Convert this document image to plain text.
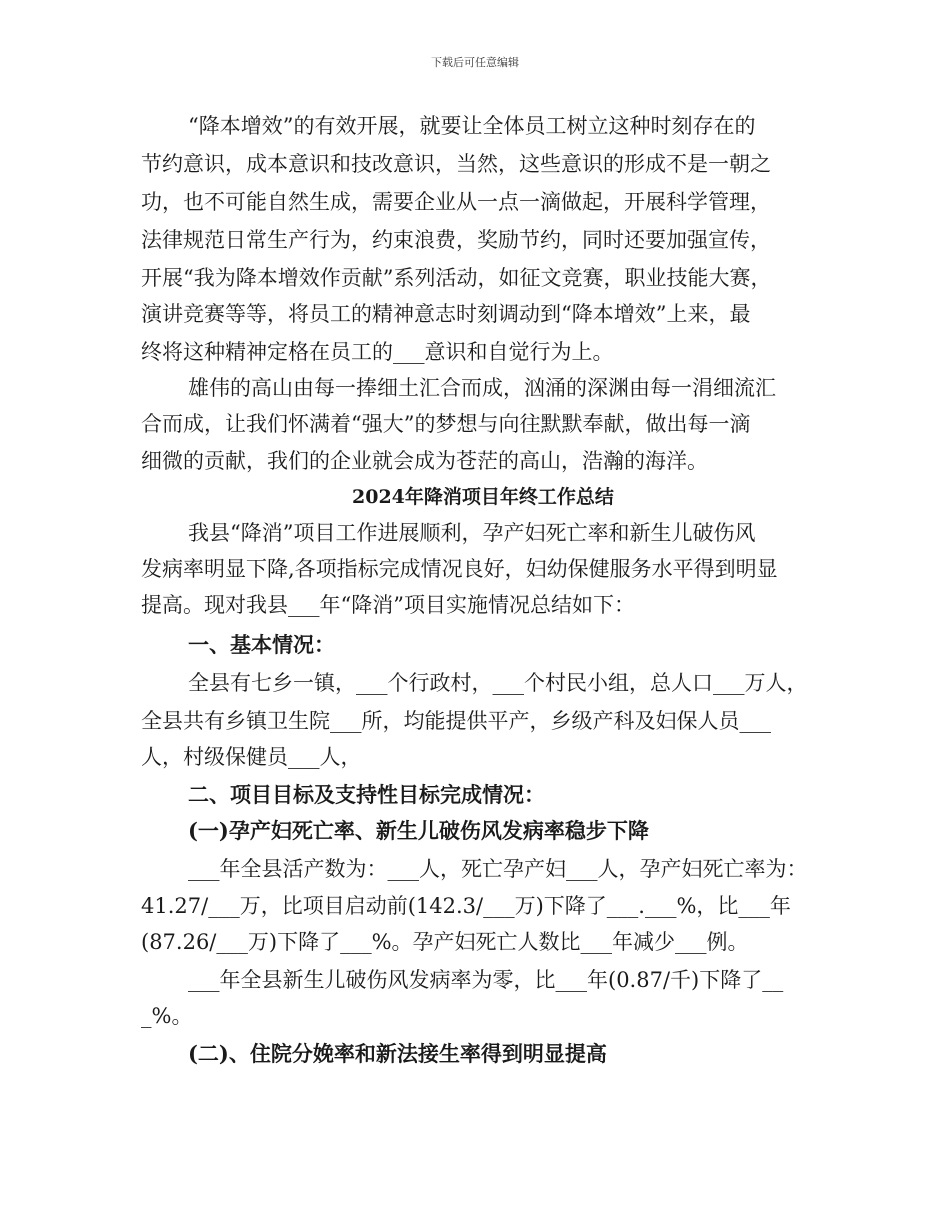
下载后可任意编辑

“降本增效”的有效开展，就要让全体员工树立这种时刻存在的

节约意识，成本意识和技改意识，当然，这些意识的形成不是一朝之

功，也不可能自然生成，需要企业从一点一滴做起，开展科学管理，

法律规范日常生产行为，约束浪费，奖励节约，同时还要加强宣传，

开展“我为降本增效作贡献”系列活动，如征文竞赛，职业技能大赛，

演讲竞赛等等，将员工的精神意志时刻调动到“降本增效”上来，最

终将这种精神定格在员工的___意识和自觉行为上。

雄伟的高山由每一捧细土汇合而成，汹涌的深渊由每一涓细流汇

合而成，让我们怀满着“强大”的梦想与向往默默奉献，做出每一滴

细微的贡献，我们的企业就会成为苍茫的高山，浩瀚的海洋。

2024年降消项目年终工作总结

我县“降消”项目工作进展顺利，孕产妇死亡率和新生儿破伤风

发病率明显下降,各项指标完成情况良好，妇幼保健服务水平得到明显

提高。现对我县___年“降消”项目实施情况总结如下：

一、基本情况：

全县有七乡一镇，___个行政村，___个村民小组，总人口___万人，

全县共有乡镇卫生院___所，均能提供平产，乡级产科及妇保人员___

人，村级保健员___人，

二、项目目标及支持性目标完成情况：

(一)孕产妇死亡率、新生儿破伤风发病率稳步下降

___年全县活产数为：___人，死亡孕产妇___人，孕产妇死亡率为：

41.27/___万，比项目启动前(142.3/___万)下降了___.___%，比___年

(87.26/___万)下降了___%。孕产妇死亡人数比___年减少___例。

___年全县新生儿破伤风发病率为零，比___年(0.87/千)下降了__

_%。

(二)、住院分娩率和新法接生率得到明显提高
